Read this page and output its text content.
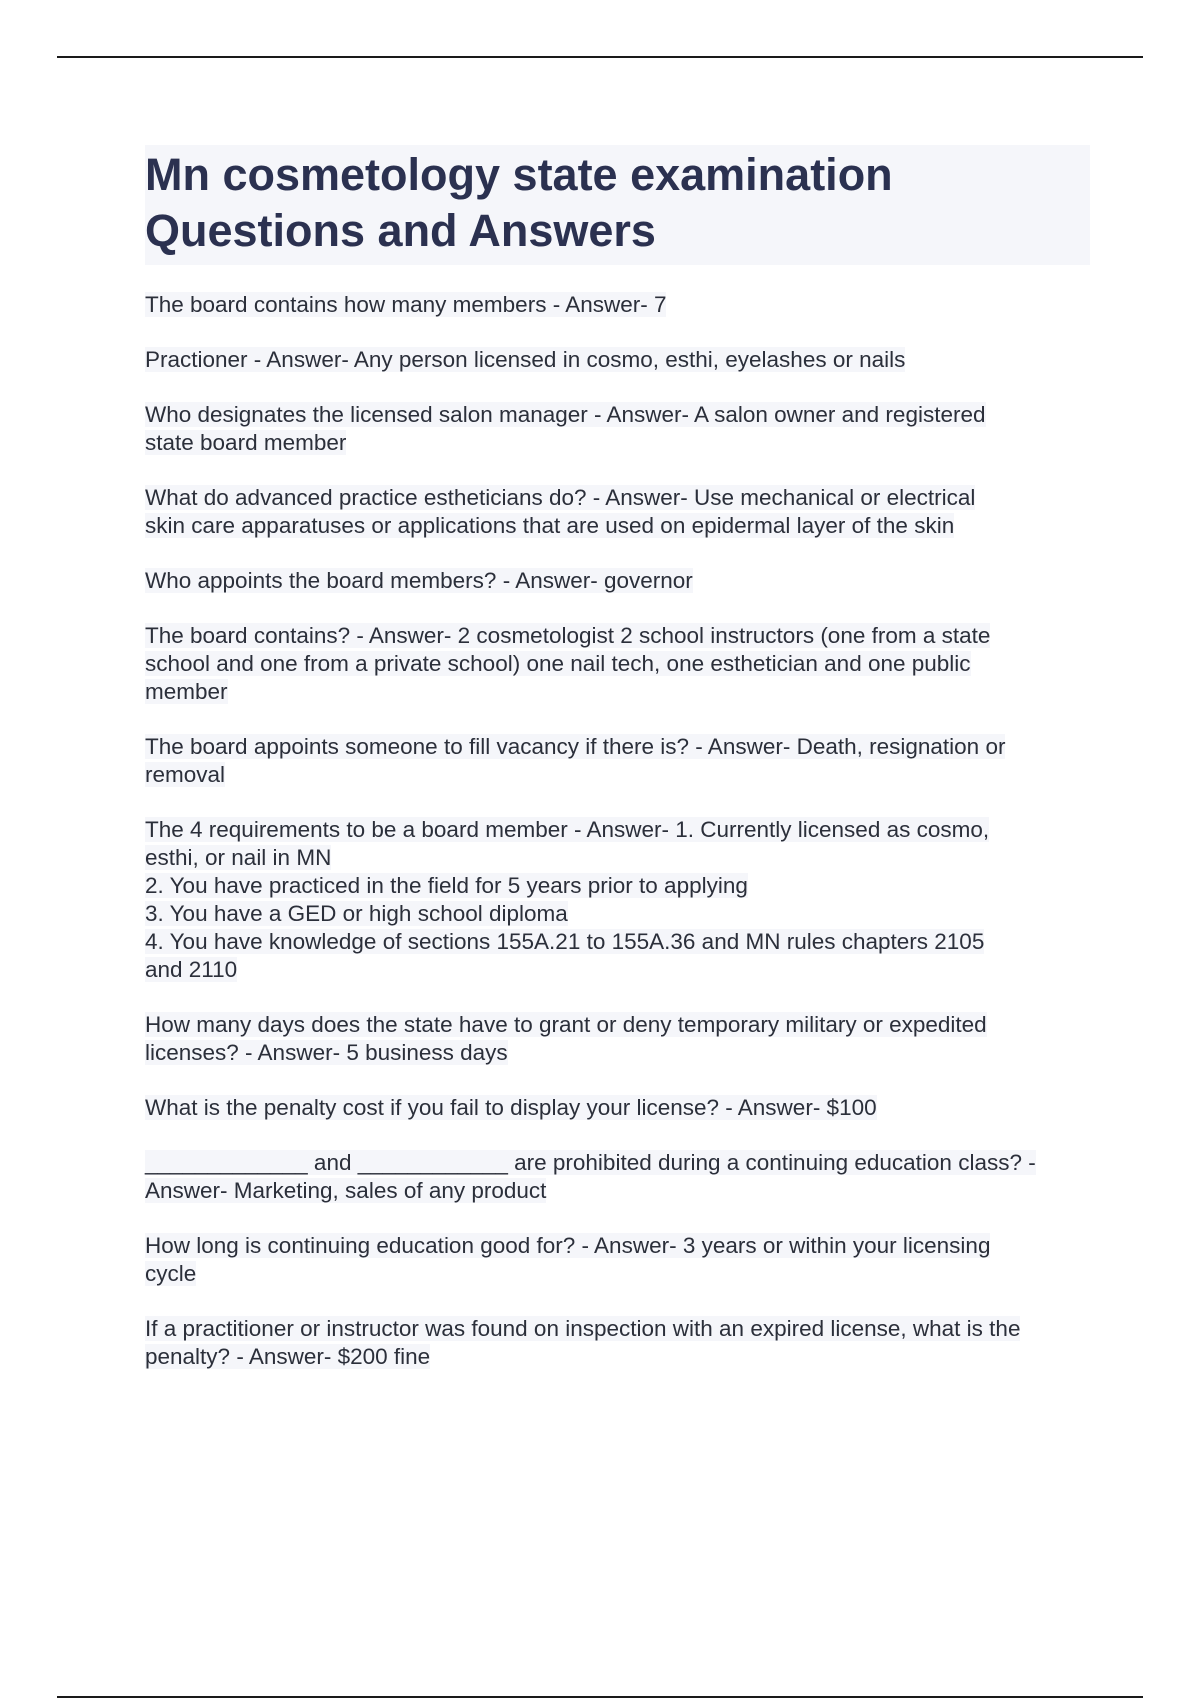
Mn cosmetology state examination Questions and Answers

The board contains how many members - Answer- 7

Practioner - Answer- Any person licensed in cosmo, esthi, eyelashes or nails

Who designates the licensed salon manager - Answer- A salon owner and registered
state board member

What do advanced practice estheticians do? - Answer- Use mechanical or electrical
skin care apparatuses or applications that are used on epidermal layer of the skin

Who appoints the board members? - Answer- governor

The board contains? - Answer- 2 cosmetologist 2 school instructors (one from a state
school and one from a private school) one nail tech, one esthetician and one public
member

The board appoints someone to fill vacancy if there is? - Answer- Death, resignation or
removal

The 4 requirements to be a board member - Answer- 1. Currently licensed as cosmo,
esthi, or nail in MN
2. You have practiced in the field for 5 years prior to applying
3. You have a GED or high school diploma
4. You have knowledge of sections 155A.21 to 155A.36 and MN rules chapters 2105
and 2110

How many days does the state have to grant or deny temporary military or expedited
licenses? - Answer- 5 business days

What is the penalty cost if you fail to display your license? - Answer- $100

_____________ and ____________ are prohibited during a continuing education class? -
Answer- Marketing, sales of any product

How long is continuing education good for? - Answer- 3 years or within your licensing
cycle

If a practitioner or instructor was found on inspection with an expired license, what is the
penalty? - Answer- $200 fine
